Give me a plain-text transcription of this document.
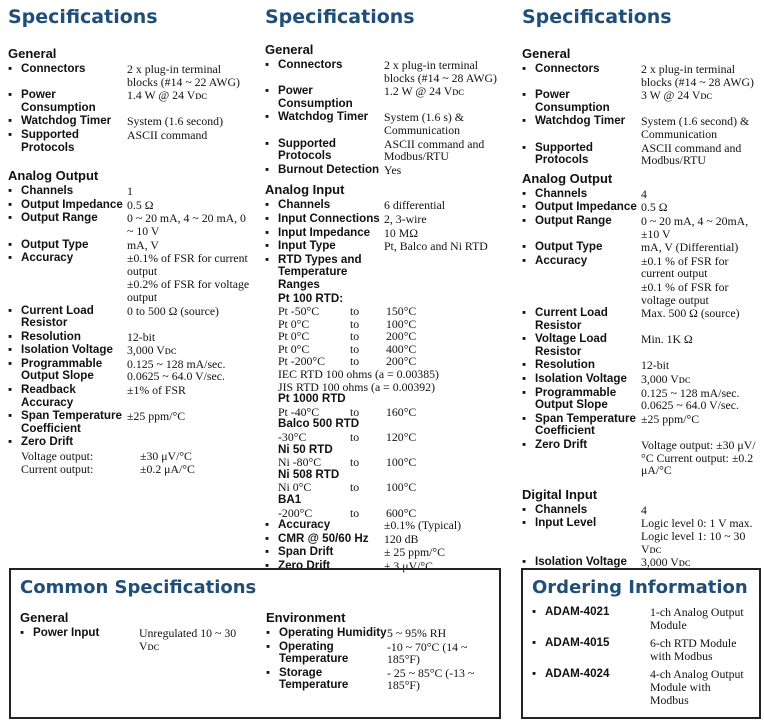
Specifications
General
▪ Connectors	2 x plug-in terminal blocks (#14 ~ 22 AWG)
▪ Power Consumption
1.4 W @ 24 Vᴅᴄ
▪ Watchdog Timer	System (1.6 second)
▪ Supported Protocols
ASCII command
Analog Output
▪ Channels	1
▪ Output Impedance 0.5 Ω
▪ Output Range	0 ~ 20 mA, 4 ~ 20 mA, 0 ~ 10 V
▪ Output Type	mA, V
▪ Accuracy	±0.1% of FSR for current output
±0.2% of FSR for voltage output
▪ Current Load Resistor
0 to 500 Ω (source)
▪ Resolution	12-bit
▪ Isolation Voltage	3,000 Vᴅᴄ
▪ Programmable Output Slope
0.125 ~ 128 mA/sec. 0.0625 ~ 64.0 V/sec.
▪ Readback Accuracy
±1% of FSR
▪ Span Temperature Coefficient
±25 ppm/°C
▪ Zero Drift
Voltage output:	±30 μV/°C
Current output:	±0.2 μA/°C
Specifications
General
▪ Connectors	2 x plug-in terminal blocks (#14 ~ 28 AWG)
▪ Power Consumption
1.2 W @ 24 Vᴅᴄ
▪ Watchdog Timer	System (1.6 s) & Communication
▪ Supported Protocols
ASCII command and Modbus/RTU
▪ Burnout Detection Yes
Analog Input
▪ Channels	6 differential
▪ Input Connections 2, 3-wire
▪ Input Impedance	10 MΩ
▪ Input Type	Pt, Balco and Ni RTD
▪ RTD Types and Temperature Ranges
Pt 100 RTD:
Pt -50°C	to	150°C
Pt 0°C	to	100°C
Pt 0°C	to	200°C
Pt 0°C	to	400°C
Pt -200°C	to	200°C
IEC RTD 100 ohms (a = 0.00385)
JIS RTD 100 ohms (a = 0.00392)
Pt 1000 RTD
Pt -40°C	to	160°C
Balco 500 RTD
-30°C	to	120°C
Ni 50 RTD
Ni -80°C	to	100°C
Ni 508 RTD
Ni 0°C	to	100°C
BA1
-200°C	to	600°C
▪ Accuracy	±0.1% (Typical)
▪ CMR @ 50/60 Hz	120 dB
▪ Span Drift	± 25 ppm/°C
▪ Zero Drift	± 3 μV/°C
Specifications
General
▪ Connectors	2 x plug-in terminal blocks (#14 ~ 28 AWG)
▪ Power Consumption
3 W @ 24 Vᴅᴄ
▪ Watchdog Timer	System (1.6 second) & Communication
▪ Supported Protocols
ASCII command and Modbus/RTU
Analog Output
▪ Channels	4
▪ Output Impedance 0.5 Ω
▪ Output Range	0 ~ 20 mA, 4 ~ 20mA, ±10 V
▪ Output Type	mA, V (Differential)
▪ Accuracy	±0.1 % of FSR for current output
±0.1 % of FSR for voltage output
▪ Current Load Resistor
Max. 500 Ω (source)
▪ Voltage Load Resistor
Min. 1K Ω
▪ Resolution	12-bit
▪ Isolation Voltage	3,000 Vᴅᴄ
▪ Programmable Output Slope
0.125 ~ 128 mA/sec. 0.0625 ~ 64.0 V/sec.
▪ Span Temperature Coefficient
±25 ppm/°C
▪ Zero Drift	Voltage output: ±30 μV/°C Current output: ±0.2 μA/°C
Digital Input
▪ Channels	4
▪ Input Level	Logic level 0: 1 V max. Logic level 1: 10 ~ 30 Vᴅᴄ
▪ Isolation Voltage	3,000 Vᴅᴄ
Common Specifications
General
▪ Power Input	Unregulated 10 ~ 30 Vᴅᴄ
Environment
▪ Operating Humidity 5 ~ 95% RH
▪ Operating Temperature
-10 ~ 70°C (14 ~ 185°F)
▪ Storage Temperature
- 25 ~ 85°C (-13 ~ 185°F)
Ordering Information
▪ ADAM-4021	1-ch Analog Output Module
▪ ADAM-4015	6-ch RTD Module with Modbus
▪ ADAM-4024	4-ch Analog Output Module with Modbus
